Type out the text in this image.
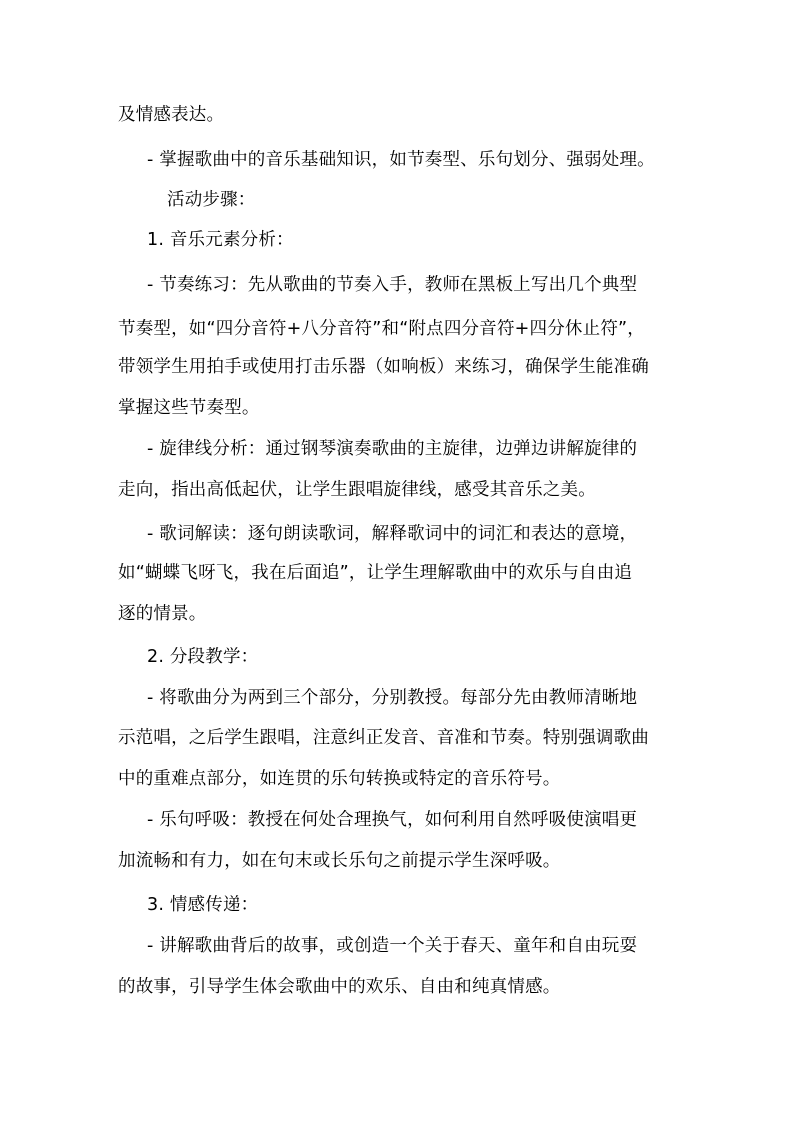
及情感表达。
- 掌握歌曲中的音乐基础知识，如节奏型、乐句划分、强弱处理。
活动步骤：
1. 音乐元素分析：
- 节奏练习：先从歌曲的节奏入手，教师在黑板上写出几个典型
节奏型，如“四分音符+八分音符”和“附点四分音符+四分休止符”，
带领学生用拍手或使用打击乐器（如响板）来练习，确保学生能准确
掌握这些节奏型。
- 旋律线分析：通过钢琴演奏歌曲的主旋律，边弹边讲解旋律的
走向，指出高低起伏，让学生跟唱旋律线，感受其音乐之美。
- 歌词解读：逐句朗读歌词，解释歌词中的词汇和表达的意境，
如“蝴蝶飞呀飞，我在后面追”，让学生理解歌曲中的欢乐与自由追
逐的情景。
2. 分段教学：
- 将歌曲分为两到三个部分，分别教授。每部分先由教师清晰地
示范唱，之后学生跟唱，注意纠正发音、音准和节奏。特别强调歌曲
中的重难点部分，如连贯的乐句转换或特定的音乐符号。
- 乐句呼吸：教授在何处合理换气，如何利用自然呼吸使演唱更
加流畅和有力，如在句末或长乐句之前提示学生深呼吸。
3. 情感传递：
- 讲解歌曲背后的故事，或创造一个关于春天、童年和自由玩耍
的故事，引导学生体会歌曲中的欢乐、自由和纯真情感。
